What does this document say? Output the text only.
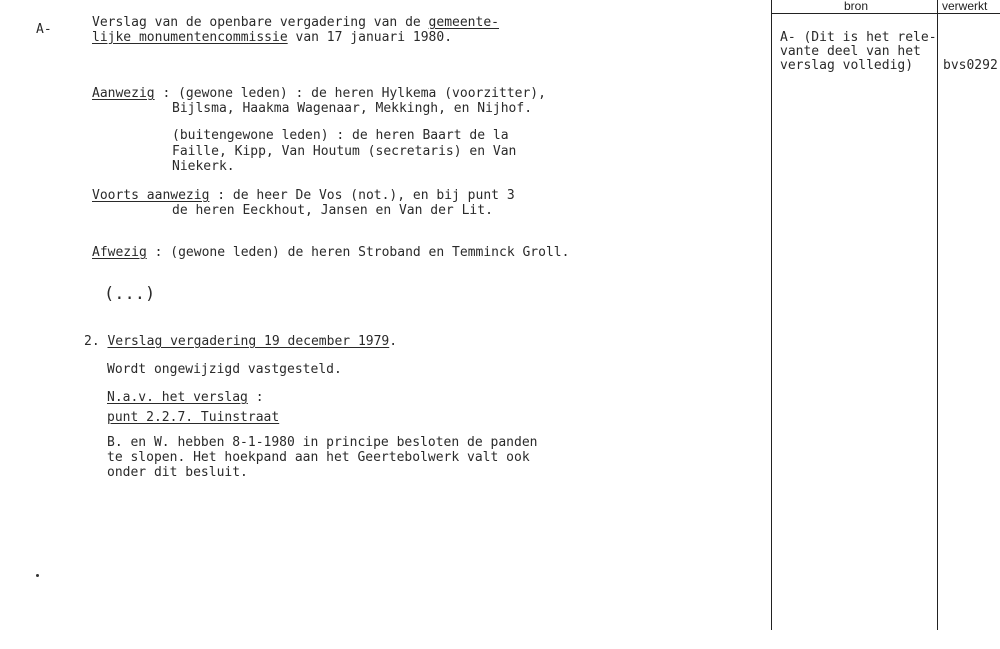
A-	Verslag van de openbare vergadering van de gemeente-
lijke monumentencommissie van 17 januari 1980.
Aanwezig : (gewone leden) : de heren Hylkema (voorzitter),
Bijlsma, Haakma Wagenaar, Mekkingh, en Nijhof.
(buitengewone leden) : de heren Baart de la
Faille, Kipp, Van Houtum (secretaris) en Van
Niekerk.
Voorts aanwezig : de heer De Vos (not.), en bij punt 3
de heren Eeckhout, Jansen en Van der Lit.
Afwezig : (gewone leden) de heren Stroband en Temminck Groll.
(...)
2. Verslag vergadering 19 december 1979.
Wordt ongewijzigd vastgesteld.
N.a.v. het verslag :
punt 2.2.7. Tuinstraat
B. en W. hebben 8-1-1980 in principe besloten de panden
te slopen. Het hoekpand aan het Geertebolwerk valt ook
onder dit besluit.
bron	verwerkt
A- (Dit is het rele-
vante deel van het
verslag volledig)	bvs0292
